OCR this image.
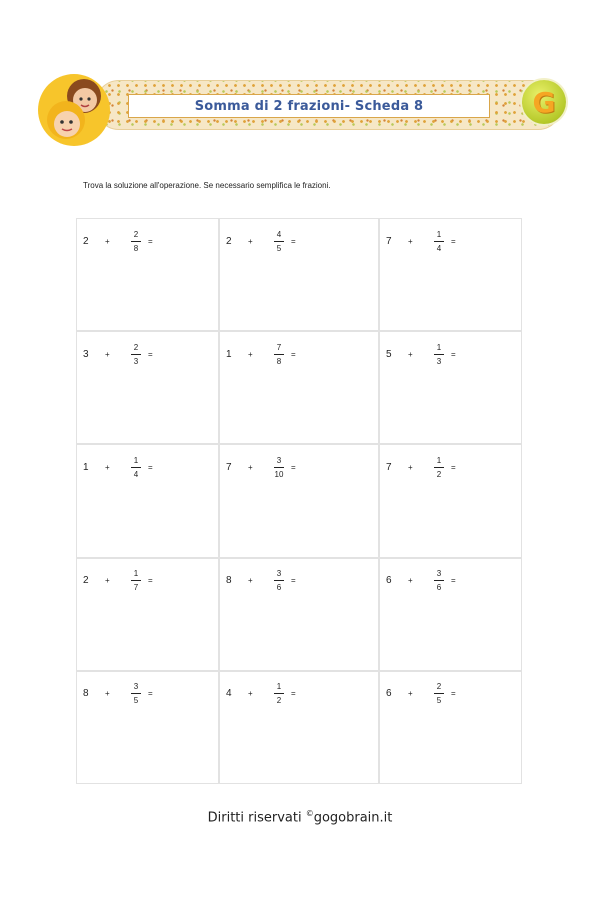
Somma di 2 frazioni- Scheda 8	G
Trova la soluzione all'operazione. Se necessario semplifica le frazioni.
2	+	$\frac{2}{8}$ =	2	+	$\frac{4}{5}$ =	7	+	$\frac{1}{4}$ =
3	+	$\frac{2}{3}$ =	1	+	$\frac{7}{8}$ =	5	+	$\frac{1}{3}$ =
1	+	$\frac{1}{4}$ =	7	+	$\frac{3}{10}$ =	7	+	$\frac{1}{2}$ =
2	+	$\frac{1}{7}$ =	8	+	$\frac{3}{6}$ =	6	+	$\frac{3}{6}$ =
8	+	$\frac{3}{5}$ =	4	+	$\frac{1}{2}$ =	6	+	$\frac{2}{5}$ =
Diritti riservati ©gogobrain.it
